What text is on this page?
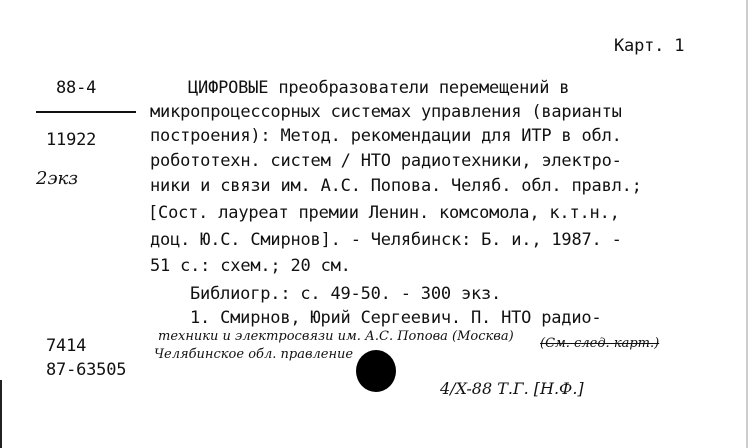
Карт. 1
88-4
11922
2экз
ЦИФРОВЫЕ преобразователи перемещений в
микропроцессорных системах управления (варианты
построения): Метод. рекомендации для ИТР в обл.
робототехн. систем / НТО радиотехники, электро-
ники и связи им. А.С. Попова. Челяб. обл. правл.;
[Сост. лауреат премии Ленин. комсомола, к.т.н.,
доц. Ю.С. Смирнов]. - Челябинск: Б. и., 1987. -
51 с.: схем.; 20 см.
Библиогр.: с. 49-50. - 300 экз.
1. Смирнов, Юрий Сергеевич. П. НТО радио-
техники и электросвязи им. А.С. Попова (Москва) (См. след. карт.)
7414	Челябинское обл. правление
87-63505
4/X-88 Т.Г. [Н.Ф.]
